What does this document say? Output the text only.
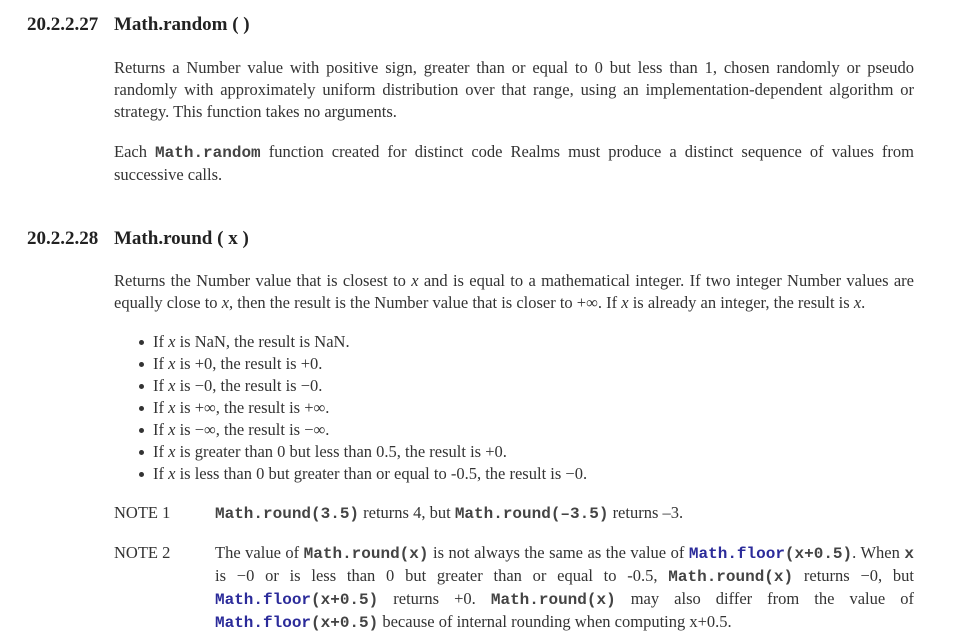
20.2.2.27 Math.random ( )

Returns a Number value with positive sign, greater than or equal to 0 but less than 1, chosen randomly or pseudo randomly with approximately uniform distribution over that range, using an implementation-dependent algorithm or strategy. This function takes no arguments.

Each Math.random function created for distinct code Realms must produce a distinct sequence of values from successive calls.

20.2.2.28 Math.round ( x )

Returns the Number value that is closest to x and is equal to a mathematical integer. If two integer Number values are equally close to x, then the result is the Number value that is closer to +∞. If x is already an integer, the result is x.

If x is NaN, the result is NaN.
If x is +0, the result is +0.
If x is −0, the result is −0.
If x is +∞, the result is +∞.
If x is −∞, the result is −∞.
If x is greater than 0 but less than 0.5, the result is +0.
If x is less than 0 but greater than or equal to -0.5, the result is −0.
NOTE 1	Math.round(3.5) returns 4, but Math.round(–3.5) returns –3.
NOTE 2	The value of Math.round(x) is not always the same as the value of Math.floor(x+0.5). When x is −0 or is less than 0 but greater than or equal to -0.5, Math.round(x) returns −0, but Math.floor(x+0.5) returns +0. Math.round(x) may also differ from the value of Math.floor(x+0.5) because of internal rounding when computing x+0.5.
